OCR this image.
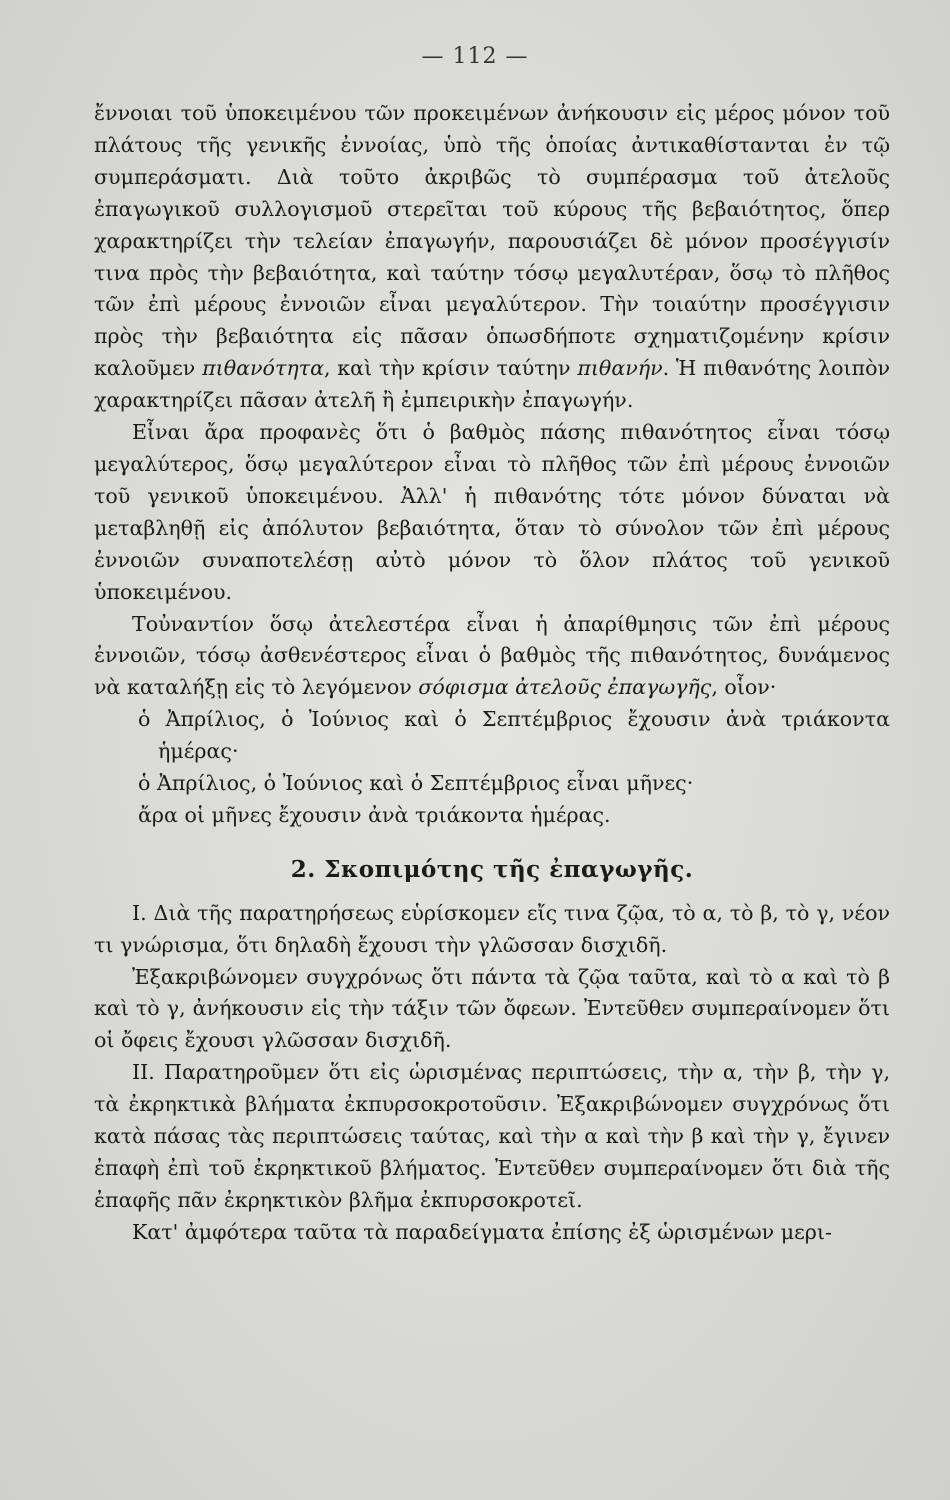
— 112 —

ἔννοιαι τοῦ ὑποκειμένου τῶν προκειμένων ἀνήκουσιν εἰς μέρος μόνον τοῦ πλάτους τῆς γενικῆς ἐννοίας, ὑπὸ τῆς ὁποίας ἀντικαθίστανται ἐν τῷ συμπεράσματι. Διὰ τοῦτο ἀκριβῶς τὸ συμπέρασμα τοῦ ἀτελοῦς ἐπαγωγικοῦ συλλογισμοῦ στερεῖται τοῦ κύρους τῆς βεβαιότητος, ὅπερ χαρακτηρίζει τὴν τελείαν ἐπαγωγήν, παρουσιάζει δὲ μόνον προσέγγισίν τινα πρὸς τὴν βεβαιότητα, καὶ ταύτην τόσῳ μεγαλυτέραν, ὅσῳ τὸ πλῆθος τῶν ἐπὶ μέρους ἐννοιῶν εἶναι μεγαλύτερον. Τὴν τοιαύτην προσέγγισιν πρὸς τὴν βεβαιότητα εἰς πᾶσαν ὁπωσδήποτε σχηματιζομένην κρίσιν καλοῦμεν πιθανότητα, καὶ τὴν κρίσιν ταύτην πιθανήν. Ἡ πιθανότης λοιπὸν χαρακτηρίζει πᾶσαν ἀτελῆ ἢ ἐμπειρικὴν ἐπαγωγήν.

Εἶναι ἄρα προφανὲς ὅτι ὁ βαθμὸς πάσης πιθανότητος εἶναι τόσῳ μεγαλύτερος, ὅσῳ μεγαλύτερον εἶναι τὸ πλῆθος τῶν ἐπὶ μέρους ἐννοιῶν τοῦ γενικοῦ ὑποκειμένου. Ἀλλ' ἡ πιθανότης τότε μόνον δύναται νὰ μεταβληθῇ εἰς ἀπόλυτον βεβαιότητα, ὅταν τὸ σύνολον τῶν ἐπὶ μέρους ἐννοιῶν συναποτελέσῃ αὐτὸ μόνον τὸ ὅλον πλάτος τοῦ γενικοῦ ὑποκειμένου.

Τοὐναντίον ὅσῳ ἀτελεστέρα εἶναι ἡ ἀπαρίθμησις τῶν ἐπὶ μέρους ἐννοιῶν, τόσῳ ἀσθενέστερος εἶναι ὁ βαθμὸς τῆς πιθανότητος, δυνάμενος νὰ καταλήξῃ εἰς τὸ λεγόμενον σόφισμα ἀτελοῦς ἐπαγωγῆς, οἷον·

ὁ Ἀπρίλιος, ὁ Ἰούνιος καὶ ὁ Σεπτέμβριος ἔχουσιν ἀνὰ τριάκοντα ἡμέρας·

ὁ Ἀπρίλιος, ὁ Ἰούνιος καὶ ὁ Σεπτέμβριος εἶναι μῆνες·

ἄρα οἱ μῆνες ἔχουσιν ἀνὰ τριάκοντα ἡμέρας.

2. Σκοπιμότης τῆς ἐπαγωγῆς.

Ι. Διὰ τῆς παρατηρήσεως εὑρίσκομεν εἴς τινα ζῷα, τὸ α, τὸ β, τὸ γ, νέον τι γνώρισμα, ὅτι δηλαδὴ ἔχουσι τὴν γλῶσσαν δισχιδῆ.

Ἐξακριβώνομεν συγχρόνως ὅτι πάντα τὰ ζῷα ταῦτα, καὶ τὸ α καὶ τὸ β καὶ τὸ γ, ἀνήκουσιν εἰς τὴν τάξιν τῶν ὄφεων. Ἐντεῦθεν συμπεραίνομεν ὅτι οἱ ὄφεις ἔχουσι γλῶσσαν δισχιδῆ.

ΙΙ. Παρατηροῦμεν ὅτι εἰς ὡρισμένας περιπτώσεις, τὴν α, τὴν β, τὴν γ, τὰ ἐκρηκτικὰ βλήματα ἐκπυρσοκροτοῦσιν. Ἐξακριβώνομεν συγχρόνως ὅτι κατὰ πάσας τὰς περιπτώσεις ταύτας, καὶ τὴν α καὶ τὴν β καὶ τὴν γ, ἔγινεν ἐπαφὴ ἐπὶ τοῦ ἐκρηκτικοῦ βλήματος. Ἐντεῦθεν συμπεραίνομεν ὅτι διὰ τῆς ἐπαφῆς πᾶν ἐκρηκτικὸν βλῆμα ἐκπυρσοκροτεῖ.

Κατ' ἀμφότερα ταῦτα τὰ παραδείγματα ἐπίσης ἐξ ὡρισμένων μερι-
